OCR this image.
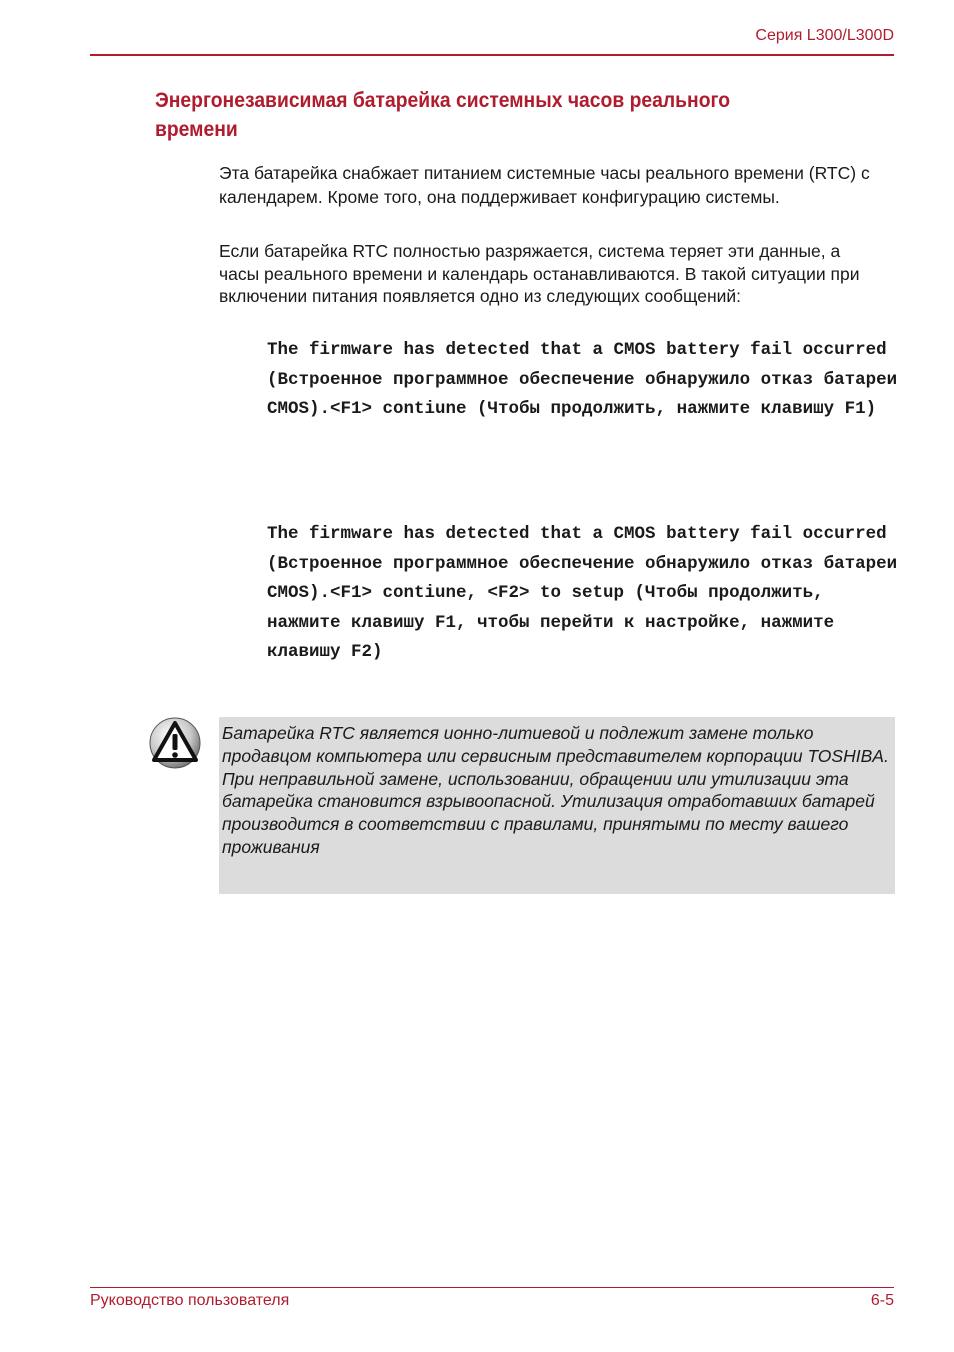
Серия L300/L300D
Энергонезависимая батарейка системных часов реального времени
Эта батарейка снабжает питанием системные часы реального времени (RTC) с календарем. Кроме того, она поддерживает конфигурацию системы.
Если батарейка RTC полностью разряжается, система теряет эти данные, а часы реального времени и календарь останавливаются. В такой ситуации при включении питания появляется одно из следующих сообщений:
The firmware has detected that a CMOS battery fail occurred (Встроенное программное обеспечение обнаружило отказ батареи CMOS).<F1> contiune (Чтобы продолжить, нажмите клавишу F1)
The firmware has detected that a CMOS battery fail occurred (Встроенное программное обеспечение обнаружило отказ батареи CMOS).<F1> contiune, <F2> to setup (Чтобы продолжить, нажмите клавишу F1, чтобы перейти к настройке, нажмите клавишу F2)
Батарейка RTC является ионно-литиевой и подлежит замене только продавцом компьютера или сервисным представителем корпорации TOSHIBA. При неправильной замене, использовании, обращении или утилизации эта батарейка становится взрывоопасной. Утилизация отработавших батарей производится в соответствии с правилами, принятыми по месту вашего проживания
Руководство пользователя	6-5
